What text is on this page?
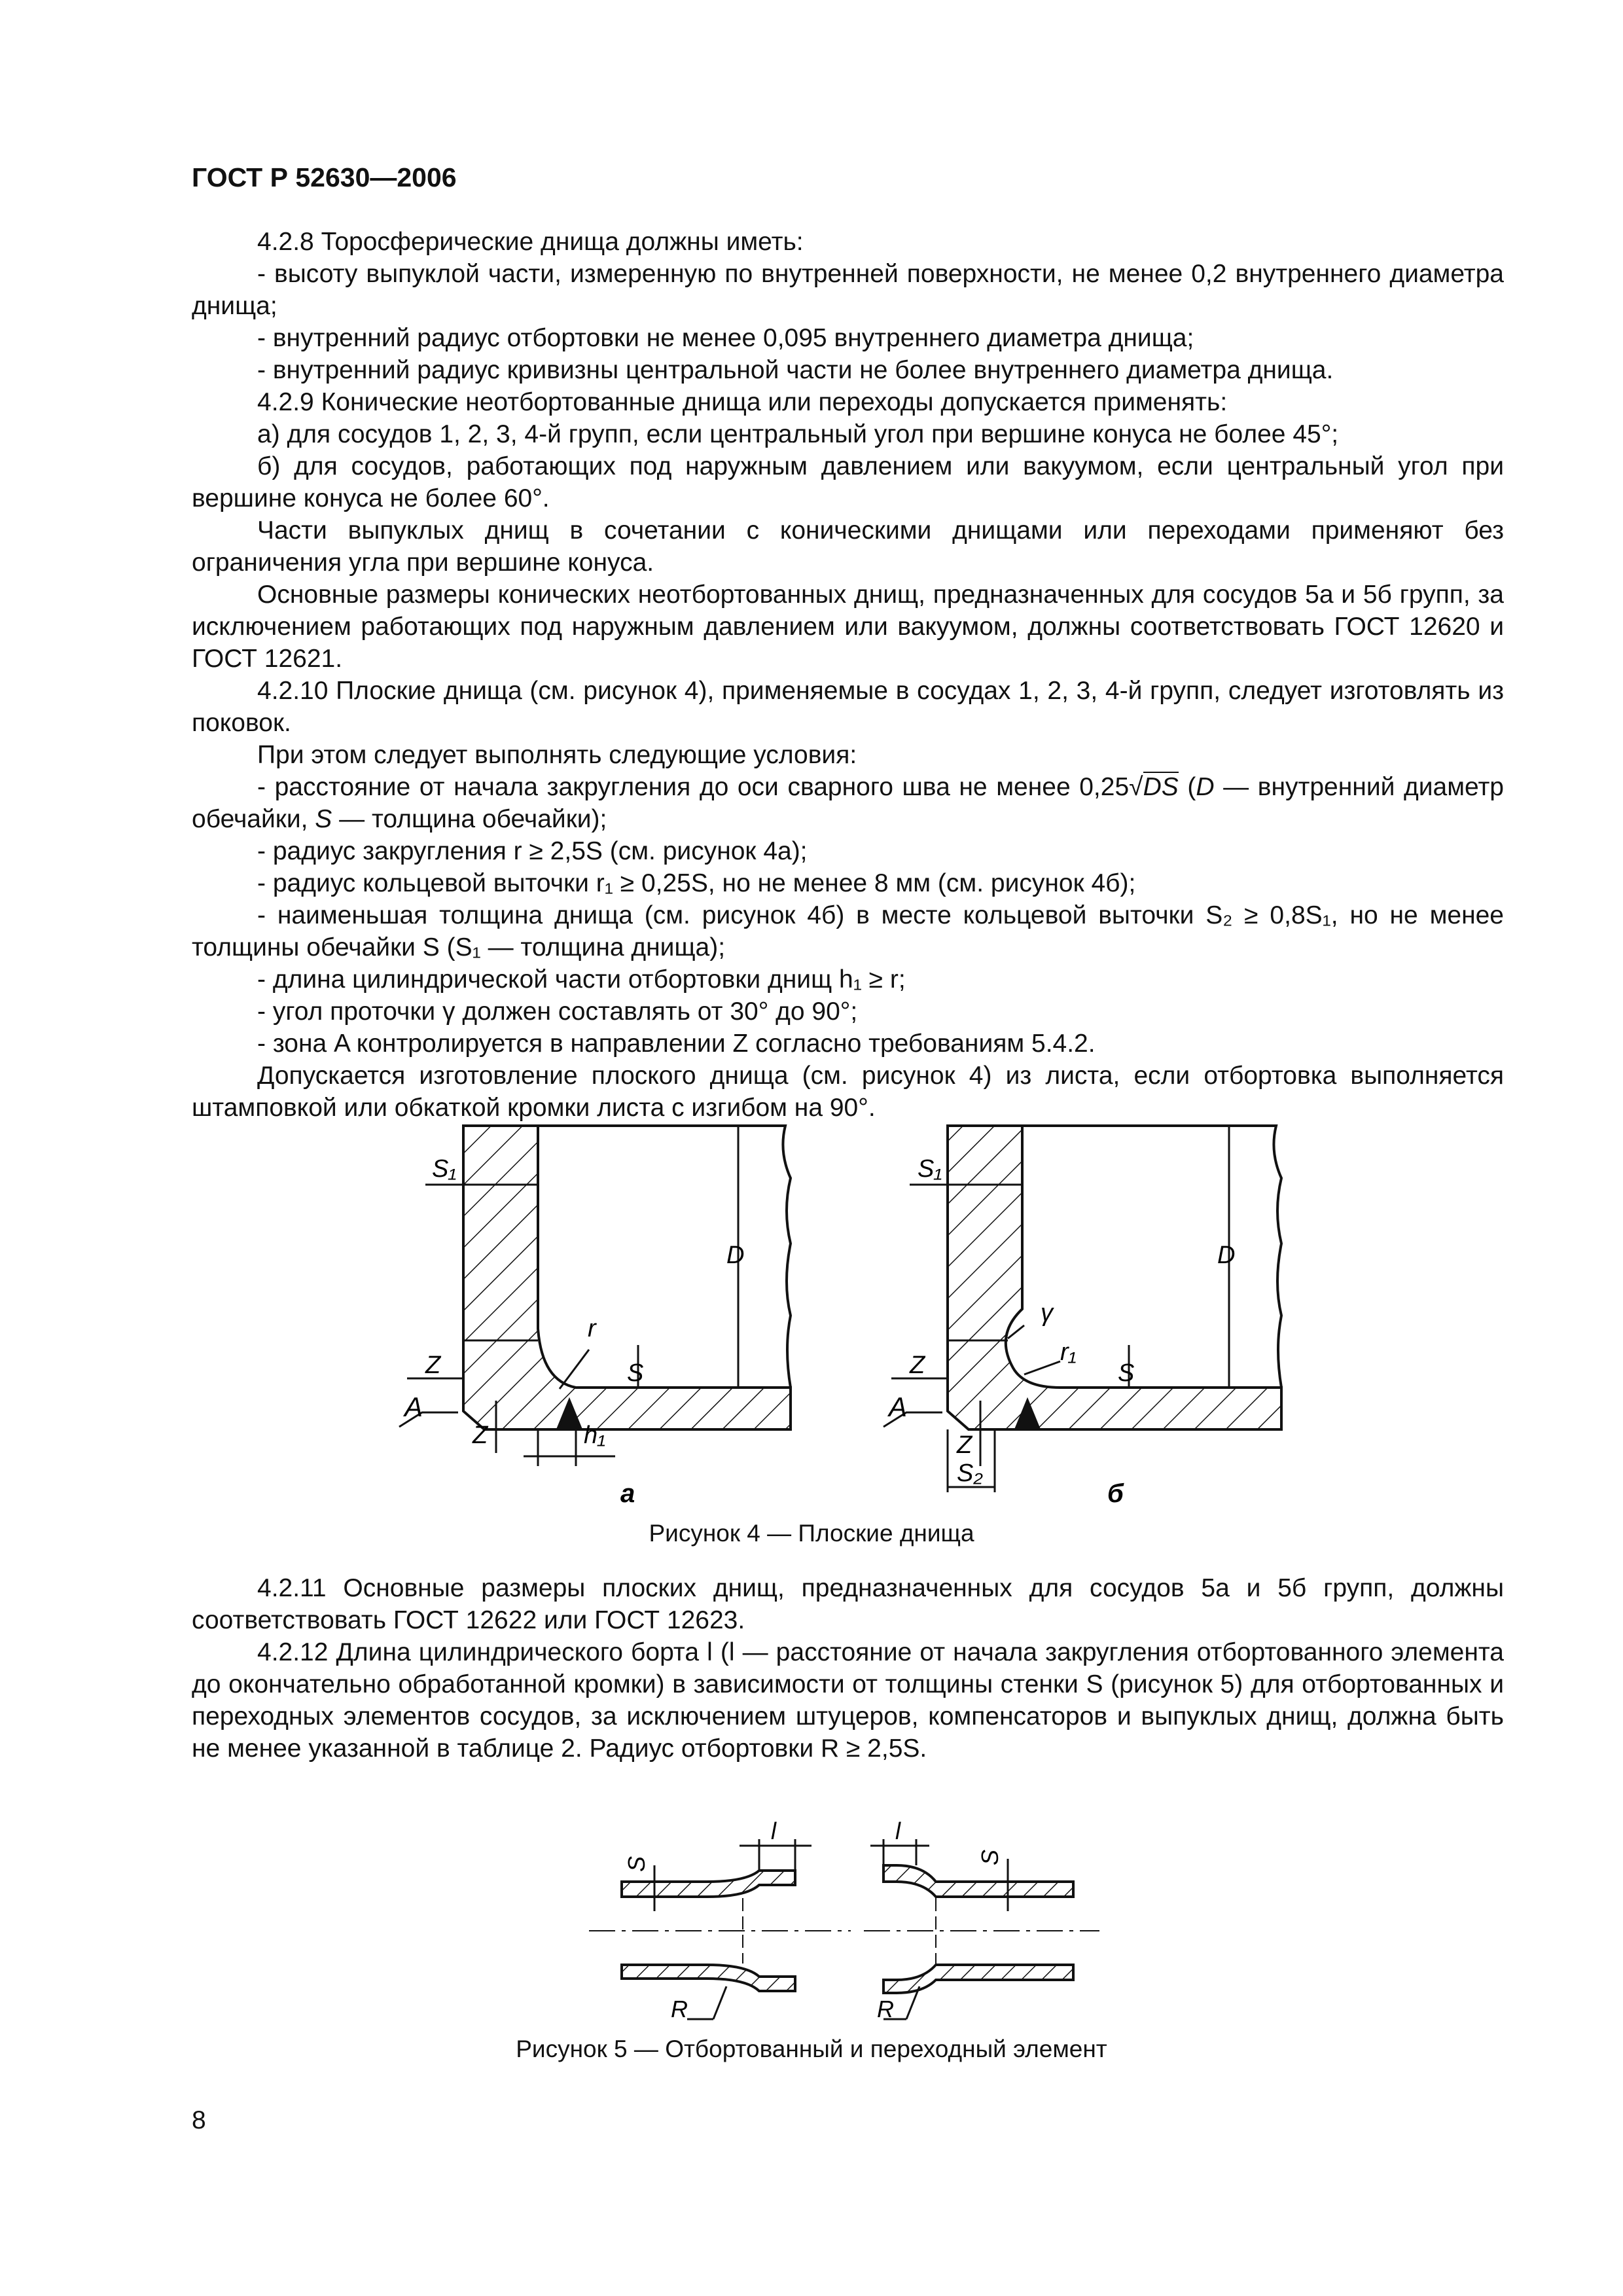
ГОСТ Р 52630—2006

4.2.8 Торосферические днища должны иметь:

- высоту выпуклой части, измеренную по внутренней поверхности, не менее 0,2 внутреннего диаметра днища;

- внутренний радиус отбортовки не менее 0,095 внутреннего диаметра днища;

- внутренний радиус кривизны центральной части не более внутреннего диаметра днища.

4.2.9 Конические неотбортованные днища или переходы допускается применять:

а) для сосудов 1, 2, 3, 4-й групп, если центральный угол при вершине конуса не более 45°;

б) для сосудов, работающих под наружным давлением или вакуумом, если центральный угол при вершине конуса не более 60°.

Части выпуклых днищ в сочетании с коническими днищами или переходами применяют без ограничения угла при вершине конуса.

Основные размеры конических неотбортованных днищ, предназначенных для сосудов 5а и 5б групп, за исключением работающих под наружным давлением или вакуумом, должны соответствовать ГОСТ 12620 и ГОСТ 12621.

4.2.10 Плоские днища (см. рисунок 4), применяемые в сосудах 1, 2, 3, 4-й групп, следует изготовлять из поковок.

При этом следует выполнять следующие условия:

- расстояние от начала закругления до оси сварного шва не менее 0,25√DS (D — внутренний диаметр обечайки, S — толщина обечайки);

- радиус закругления r ≥ 2,5S (см. рисунок 4а);

- радиус кольцевой выточки r₁ ≥ 0,25S, но не менее 8 мм (см. рисунок 4б);

- наименьшая толщина днища (см. рисунок 4б) в месте кольцевой выточки S₂ ≥ 0,8S₁, но не менее толщины обечайки S (S₁ — толщина днища);

- длина цилиндрической части отбортовки днищ h₁ ≥ r;

- угол проточки γ должен составлять от 30° до 90°;

- зона A контролируется в направлении Z согласно требованиям 5.4.2.

Допускается изготовление плоского днища (см. рисунок 4) из листа, если отбортовка выполняется штамповкой или обкаткой кромки листа с изгибом на 90°.

S₁
D
r
S
Z
A
Z	h₁
а
S₁
D
γ
r₁
S
Z
A
Z
S₂
б
Рисунок 4 — Плоские днища

4.2.11 Основные размеры плоских днищ, предназначенных для сосудов 5а и 5б групп, должны соответствовать ГОСТ 12622 или ГОСТ 12623.

4.2.12 Длина цилиндрического борта l (l — расстояние от начала закругления отбортованного элемента до окончательно обработанной кромки) в зависимости от толщины стенки S (рисунок 5) для отбортованных и переходных элементов сосудов, за исключением штуцеров, компенсаторов и выпуклых днищ, должна быть не менее указанной в таблице 2. Радиус отбортовки R ≥ 2,5S.

S
l
R
S
l
R
Рисунок 5 — Отбортованный и переходный элемент
8
